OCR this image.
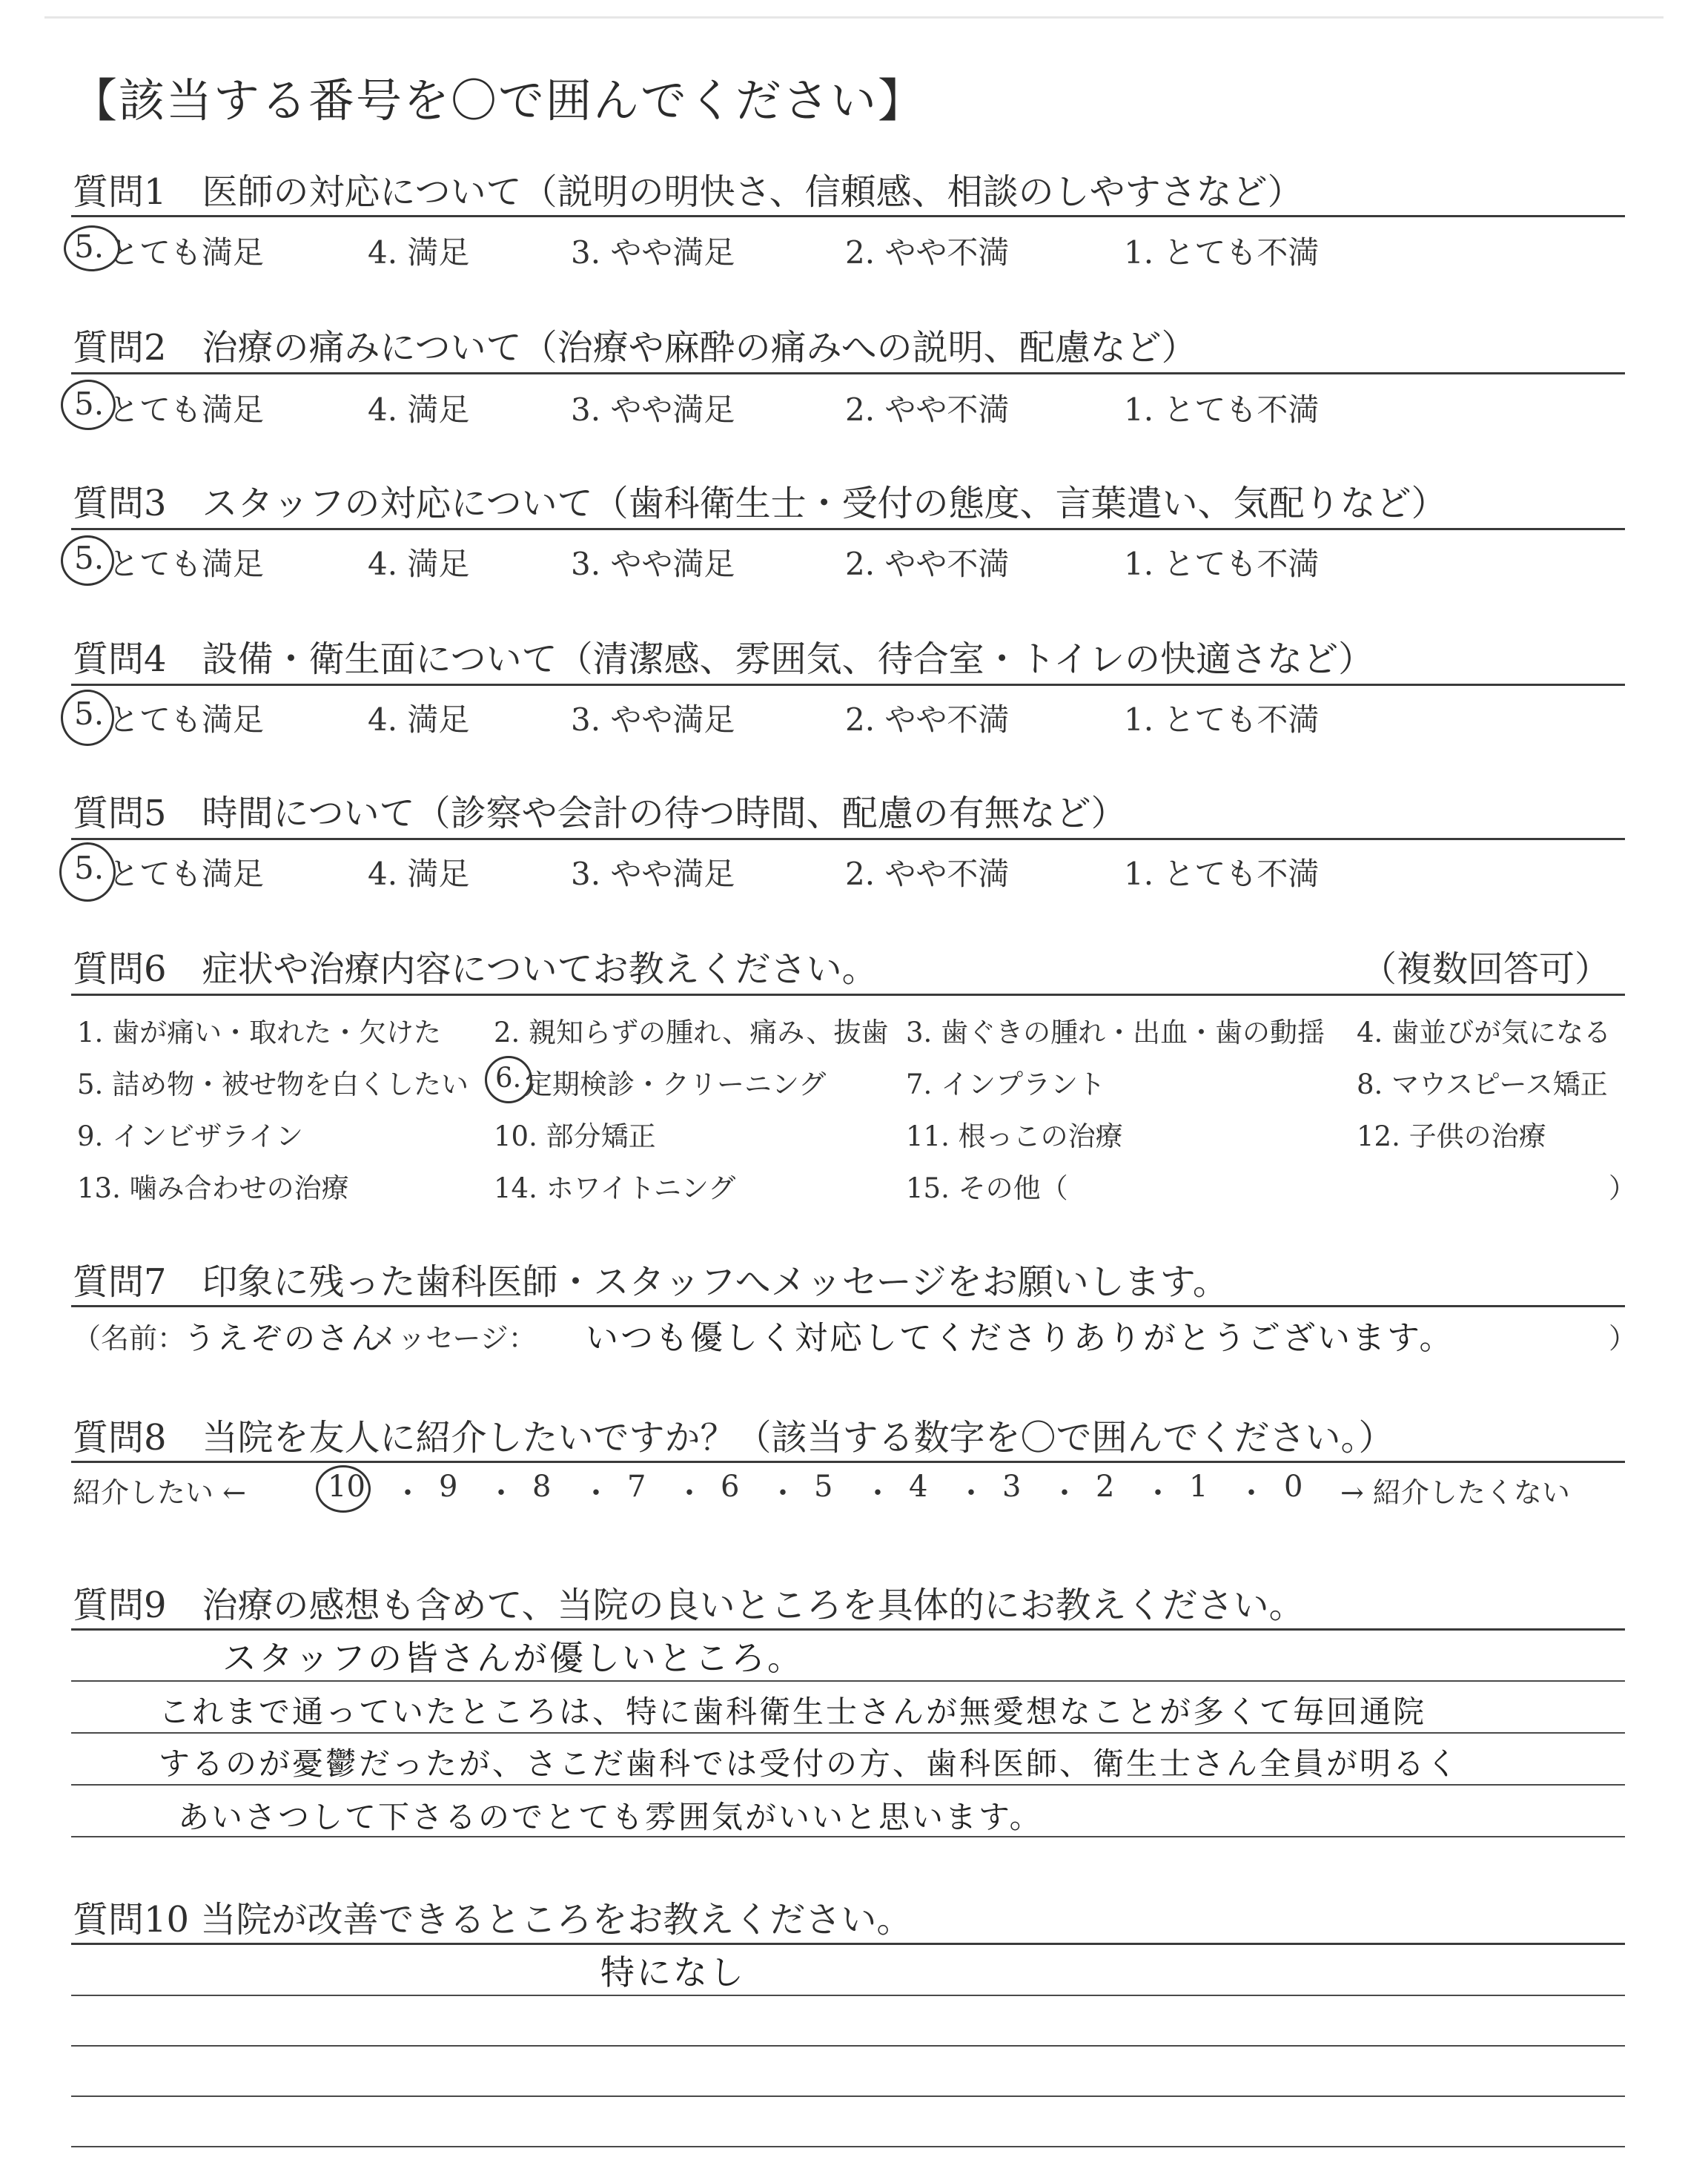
【該当する番号を〇で囲んでください】
質問1　医師の対応について（説明の明快さ、信頼感、相談のしやすさなど）
5. とても満足	4. 満足	3. やや満足	2. やや不満	1. とても不満
質問2　治療の痛みについて（治療や麻酔の痛みへの説明、配慮など）
5. とても満足	4. 満足	3. やや満足	2. やや不満	1. とても不満
質問3　スタッフの対応について（歯科衛生士・受付の態度、言葉遣い、気配りなど）
5. とても満足	4. 満足	3. やや満足	2. やや不満	1. とても不満
質問4　設備・衛生面について（清潔感、雰囲気、待合室・トイレの快適さなど）
5. とても満足	4. 満足	3. やや満足	2. やや不満	1. とても不満
質問5　時間について（診察や会計の待つ時間、配慮の有無など）
5. とても満足	4. 満足	3. やや満足	2. やや不満	1. とても不満
質問6　症状や治療内容についてお教えください。	（複数回答可）
1. 歯が痛い・取れた・欠けた 2. 親知らずの腫れ、痛み、抜歯 3. 歯ぐきの腫れ・出血・歯の動揺 4. 歯並びが気になる
5. 詰め物・被せ物を白くしたい 6. 定期検診・クリーニング	7. インプラント	8. マウスピース矯正
9. インビザライン	10. 部分矯正	11. 根っこの治療	12. 子供の治療
13. 噛み合わせの治療	14. ホワイトニング	15. その他（	）
質問7　印象に残った歯科医師・スタッフへメッセージをお願いします。
（名前：
うえぞのさん
メッセージ： いつも優しく対応してくださりありがとうございます。	）
質問8　当院を友人に紹介したいですか？（該当する数字を〇で囲んでください。）
紹介したい ←	10 ・ 9 ・ 8 ・ 7 ・ 6 ・ 5 ・ 4 ・ 3 ・ 2 ・ 1 ・ 0 → 紹介したくない
質問9　治療の感想も含めて、当院の良いところを具体的にお教えください。
スタッフの皆さんが優しいところ。
これまで通っていたところは、特に歯科衛生士さんが無愛想なことが多くて毎回通院
するのが憂鬱だったが、さこだ歯科では受付の方、歯科医師、衛生士さん全員が明るく
あいさつして下さるのでとても雰囲気がいいと思います。
質問10 当院が改善できるところをお教えください。
特になし
